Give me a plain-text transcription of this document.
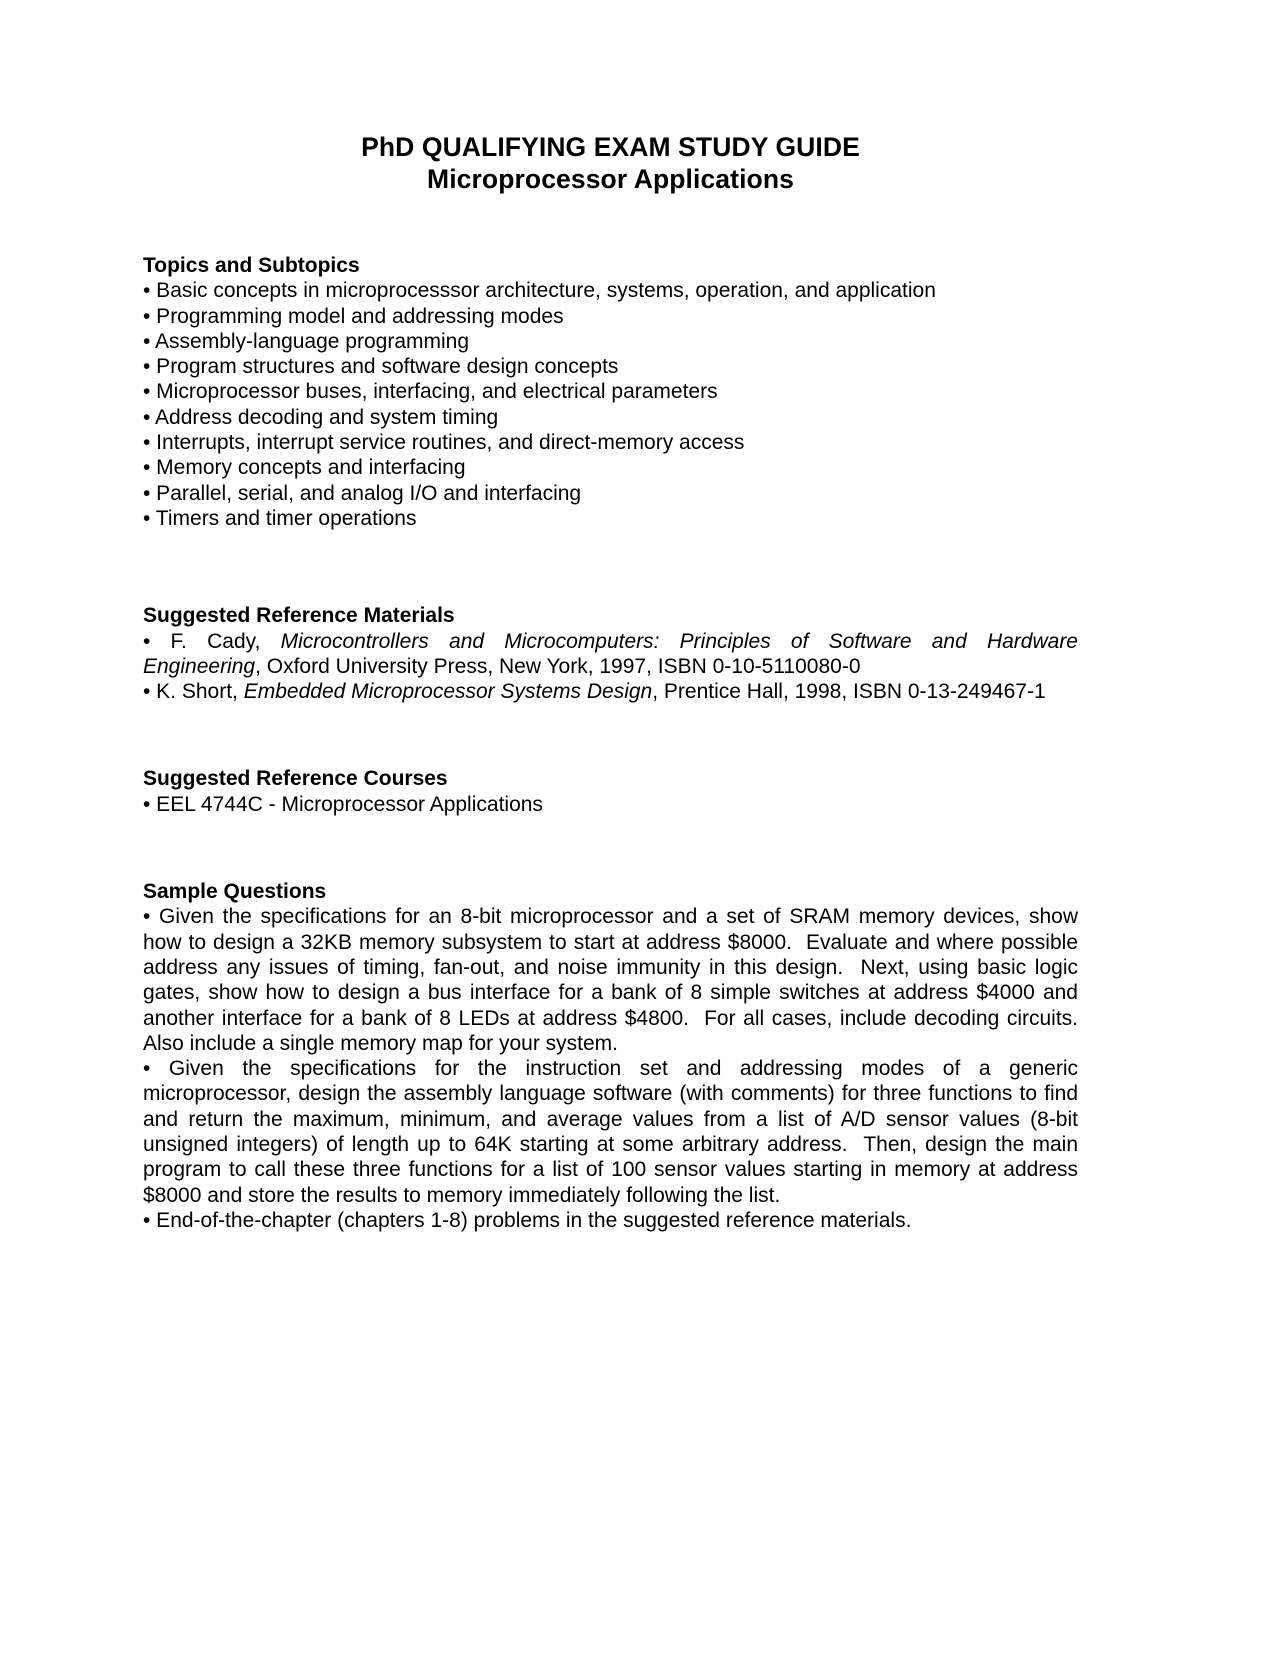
PhD QUALIFYING EXAM STUDY GUIDE
Microprocessor Applications
Topics and Subtopics
• Basic concepts in microprocesssor architecture, systems, operation, and application
• Programming model and addressing modes
• Assembly-language programming
• Program structures and software design concepts
• Microprocessor buses, interfacing, and electrical parameters
• Address decoding and system timing
• Interrupts, interrupt service routines, and direct-memory access
• Memory concepts and interfacing
• Parallel, serial, and analog I/O and interfacing
• Timers and timer operations
Suggested Reference Materials
•  F.  Cady,  Microcontrollers  and  Microcomputers:  Principles  of  Software  and  Hardware Engineering, Oxford University Press, New York, 1997, ISBN 0-10-5110080-0
• K. Short, Embedded Microprocessor Systems Design, Prentice Hall, 1998, ISBN 0-13-249467-1
Suggested Reference Courses
• EEL 4744C - Microprocessor Applications
Sample Questions
• Given the specifications for an 8-bit microprocessor and a set of SRAM memory devices, show how to design a 32KB memory subsystem to start at address $8000.  Evaluate and where possible address any issues of timing, fan-out, and noise immunity in this design.  Next, using basic logic gates, show how to design a bus interface for a bank of 8 simple switches at address $4000 and another interface for a bank of 8 LEDs at address $4800.  For all cases, include decoding circuits.  Also include a single memory map for your system.
•  Given  the  specifications  for  the  instruction  set  and  addressing  modes  of  a  generic microprocessor, design the assembly language software (with comments) for three functions to find and return the maximum, minimum, and average values from a list of A/D sensor values (8-bit unsigned integers) of length up to 64K starting at some arbitrary address.  Then, design the main program to call these three functions for a list of 100 sensor values starting in memory at address $8000 and store the results to memory immediately following the list.
• End-of-the-chapter (chapters 1-8) problems in the suggested reference materials.
